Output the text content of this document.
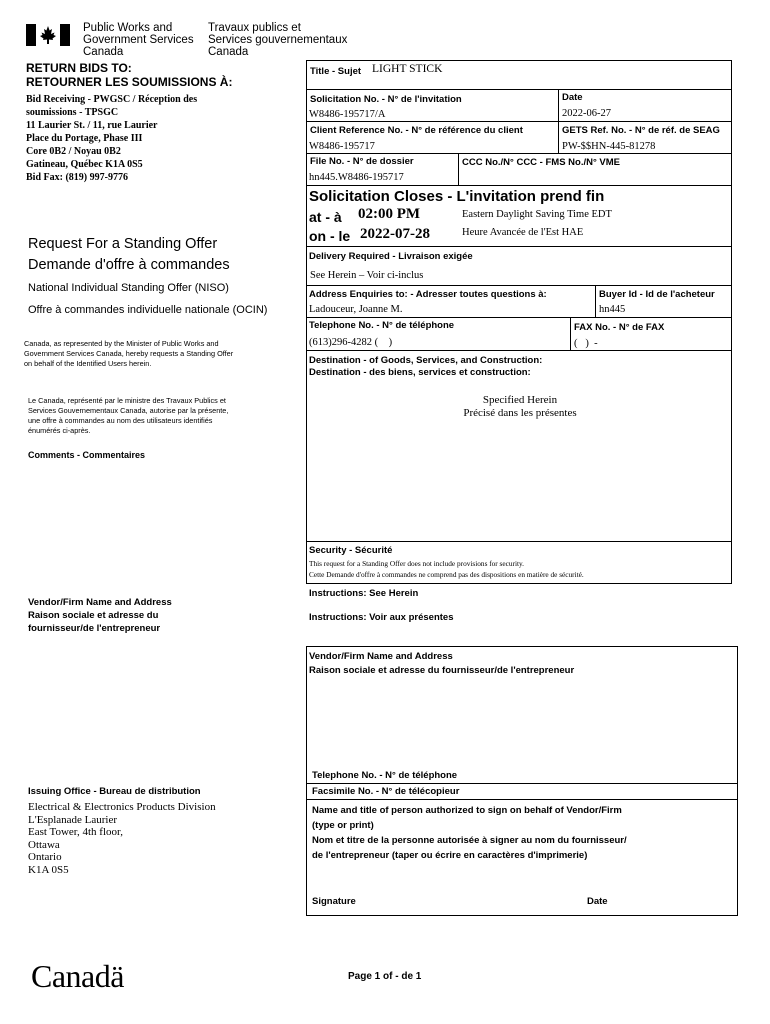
Public Works and
Government Services
Canada
Travaux publics et
Services gouvernementaux
Canada
RETURN BIDS TO:
RETOURNER LES SOUMISSIONS À:
Bid Receiving - PWGSC / Réception des
soumissions - TPSGC
11 Laurier St. / 11, rue Laurier
Place du Portage, Phase III
Core 0B2 / Noyau 0B2
Gatineau, Québec K1A 0S5
Bid Fax: (819) 997-9776
Request For a Standing Offer
Demande d'offre à commandes
National Individual Standing Offer (NISO)
Offre à commandes individuelle nationale (OCIN)
Canada, as represented by the Minister of Public Works and
Government Services Canada, hereby requests a Standing Offer
on behalf of the Identified Users herein.
Le Canada, représenté par le ministre des Travaux Publics et
Services Gouvernementaux Canada, autorise par la présente,
une offre à commandes au nom des utilisateurs identifiés
énumérés ci-après.
Comments - Commentaires
Vendor/Firm Name and Address
Raison sociale et adresse du
fournisseur/de l'entrepreneur
Issuing Office - Bureau de distribution
Electrical & Electronics Products Division
L'Esplanade Laurier
East Tower, 4th floor,
Ottawa
Ontario
K1A 0S5
Title - Sujet LIGHT STICK
Solicitation No. - N° de l'invitation
W8486-195717/A
Date
2022-06-27
Client Reference No. - N° de référence du client
W8486-195717
GETS Ref. No. - N° de réf. de SEAG
PW-$$HN-445-81278
File No. - N° de dossier
hn445.W8486-195717
CCC No./N° CCC - FMS No./N° VME
Solicitation Closes - L'invitation prend fin
at - à 02:00 PM	Eastern Daylight Saving Time EDT
on - le 2022-07-28	Heure Avancée de l'Est HAE
Delivery Required - Livraison exigée
See Herein – Voir ci-inclus
Address Enquiries to: - Adresser toutes questions à:
Ladouceur, Joanne M.
Buyer Id - Id de l'acheteur
hn445
Telephone No. - N° de téléphone
(613)296-4282 (    )
FAX No. - N° de FAX
(   )  -
Destination - of Goods, Services, and Construction:
Destination - des biens, services et construction:
Specified Herein
Précisé dans les présentes
Security - Sécurité
This request for a Standing Offer does not include provisions for security.
Cette Demande d'offre à commandes ne comprend pas des dispositions en matière de sécurité.
Instructions: See Herein
Instructions: Voir aux présentes
Vendor/Firm Name and Address
Raison sociale et adresse du fournisseur/de l'entrepreneur
Telephone No. - N° de téléphone
Facsimile No. - N° de télécopieur
Name and title of person authorized to sign on behalf of Vendor/Firm
(type or print)
Nom et titre de la personne autorisée à signer au nom du fournisseur/
de l'entrepreneur (taper ou écrire en caractères d'imprimerie)
Signature	Date
Canadä	Page 1 of - de 1
